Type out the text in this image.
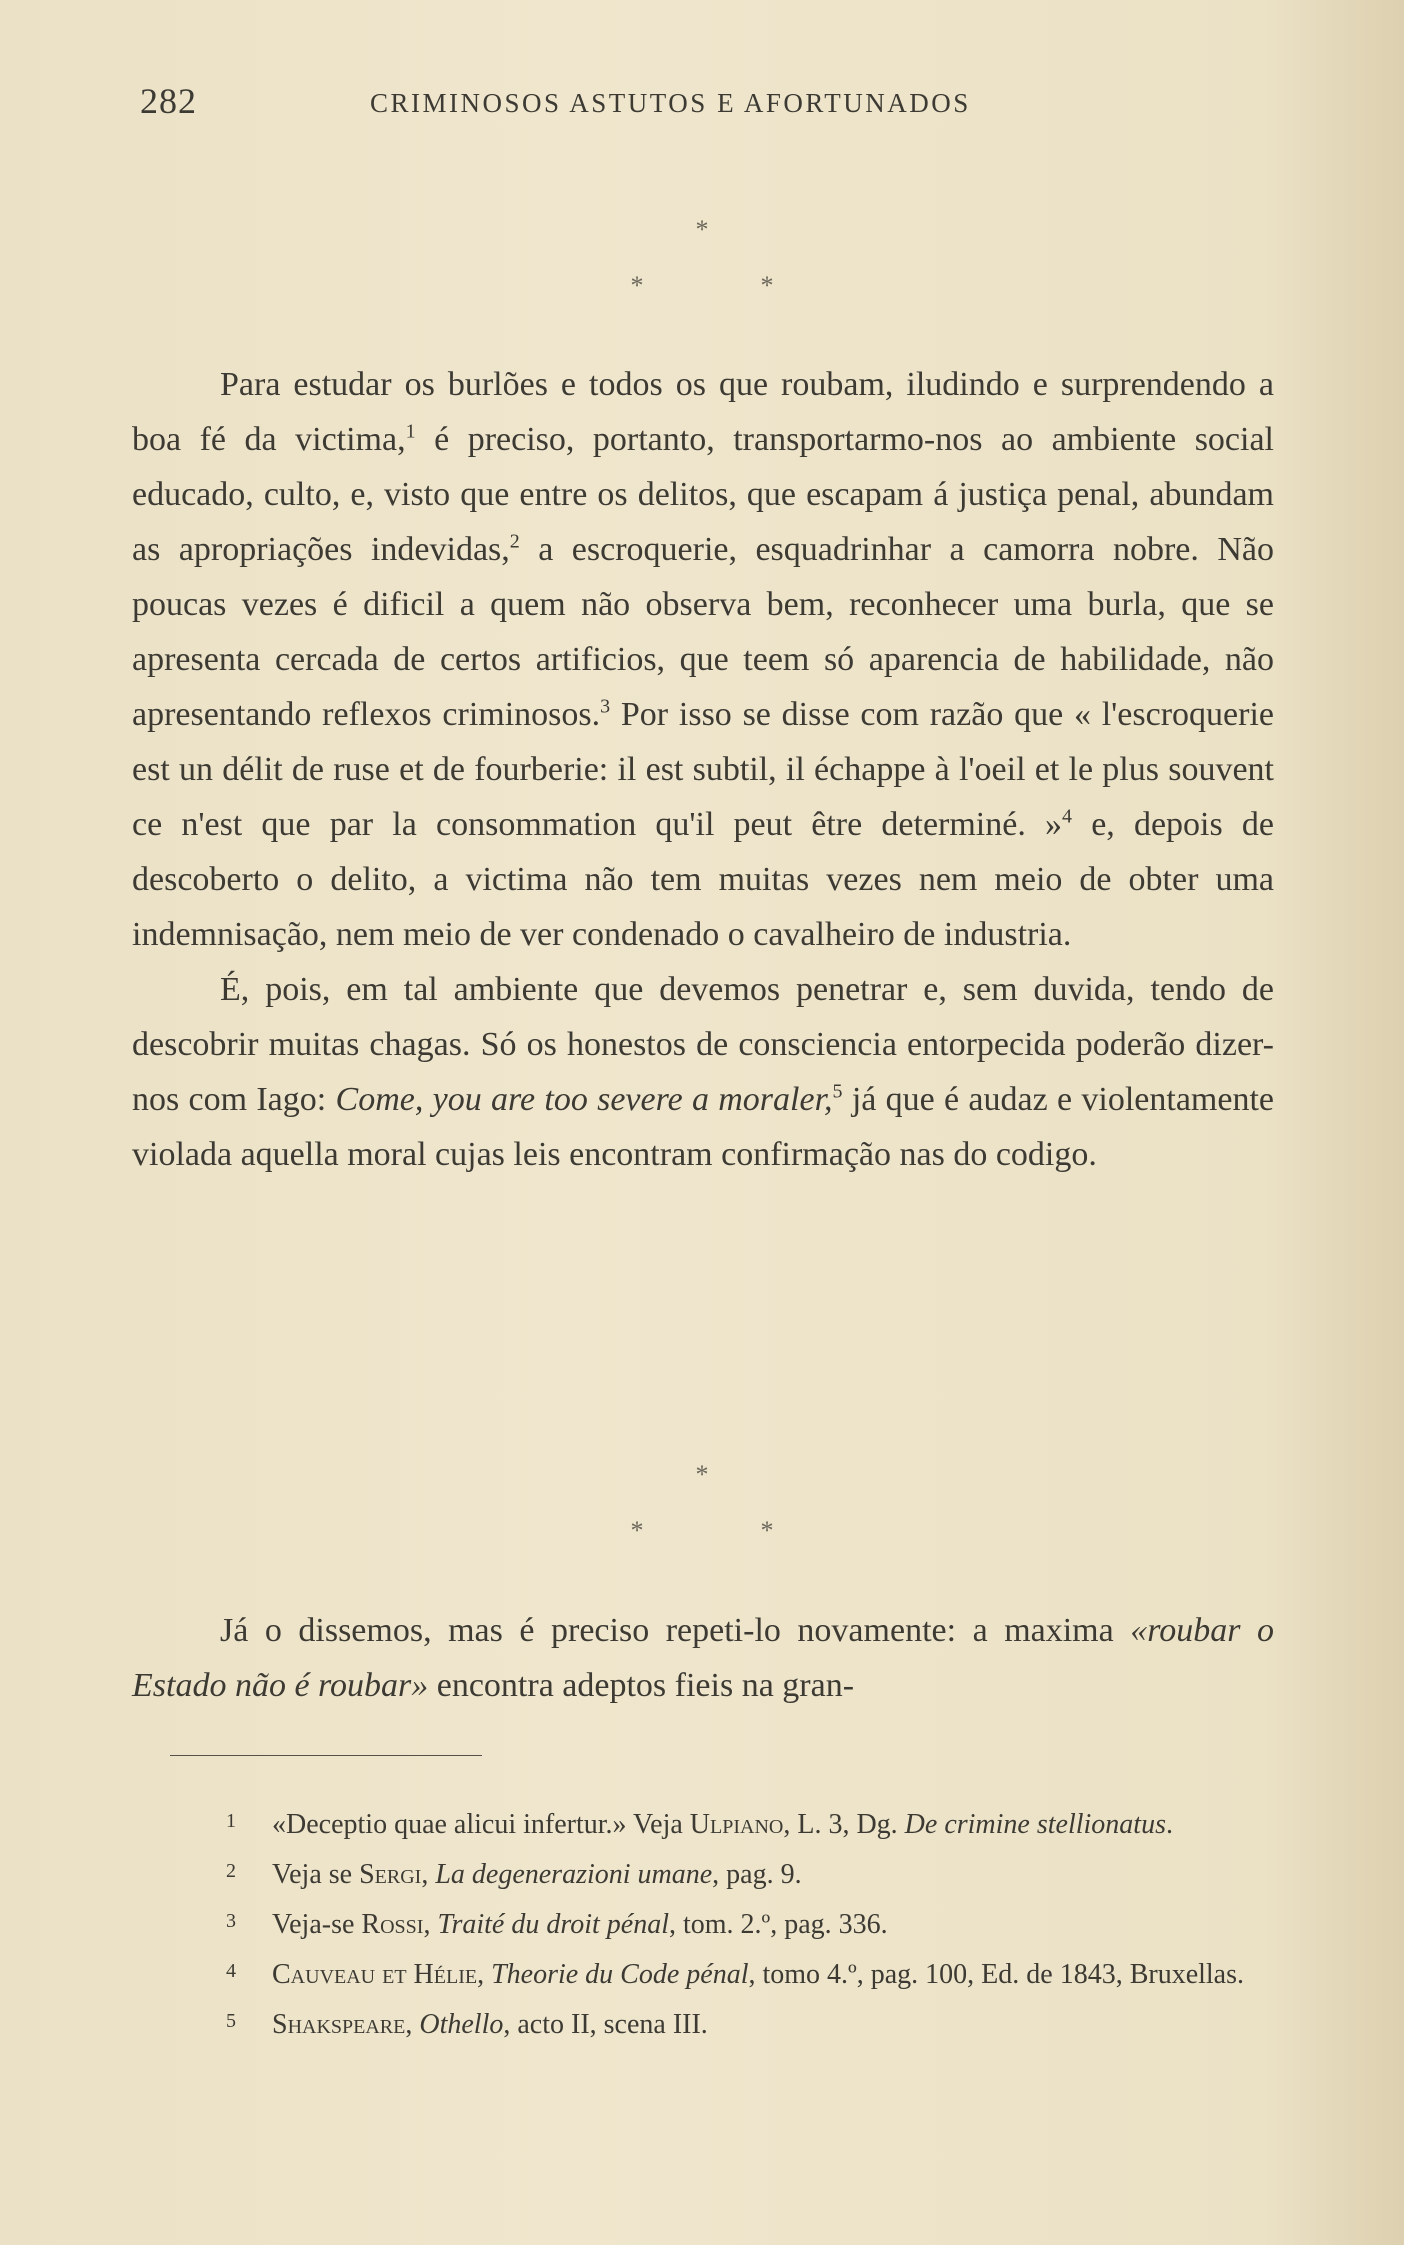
282	CRIMINOSOS ASTUTOS E AFORTUNADOS
*
*	*

Para estudar os burlões e todos os que roubam, iludindo e surprendendo a boa fé da victima,$^1$ é preciso, portanto, transportarmo-nos ao ambiente social educado, culto, e, visto que entre os delitos, que escapam á justiça penal, abundam as apropriações indevidas,$^2$ a escroquerie, esquadrinhar a camorra nobre. Não poucas vezes é dificil a quem não observa bem, reconhecer uma burla, que se apresenta cercada de certos artificios, que teem só aparencia de habilidade, não apresentando reflexos criminosos.$^3$ Por isso se disse com razão que « l'escroquerie est un délit de ruse et de fourberie: il est subtil, il échappe à l'oeil et le plus souvent ce n'est que par la consommation qu'il peut être determiné. »$^4$ e, depois de descoberto o delito, a victima não tem muitas vezes nem meio de obter uma indemnisação, nem meio de ver condenado o cavalheiro de industria.

É, pois, em tal ambiente que devemos penetrar e, sem duvida, tendo de descobrir muitas chagas. Só os honestos de consciencia entorpecida poderão dizer-nos com Iago: Come, you are too severe a moraler,$^5$ já que é audaz e violentamente violada aquella moral cujas leis encontram confirmação nas do codigo.

*
*	*

Já o dissemos, mas é preciso repeti-lo novamente: a maxima «roubar o Estado não é roubar» encontra adeptos fieis na gran-

1 «Deceptio quae alicui infertur.» Veja Ulpiano, L. 3, Dg. De crimine stellionatus.

2 Veja se Sergi, La degenerazioni umane, pag. 9.

3 Veja-se Rossi, Traité du droit pénal, tom. 2.º, pag. 336.

4 Cauveau et Hélie, Theorie du Code pénal, tomo 4.º, pag. 100, Ed. de 1843, Bruxellas.

5 Shakspeare, Othello, acto II, scena III.
